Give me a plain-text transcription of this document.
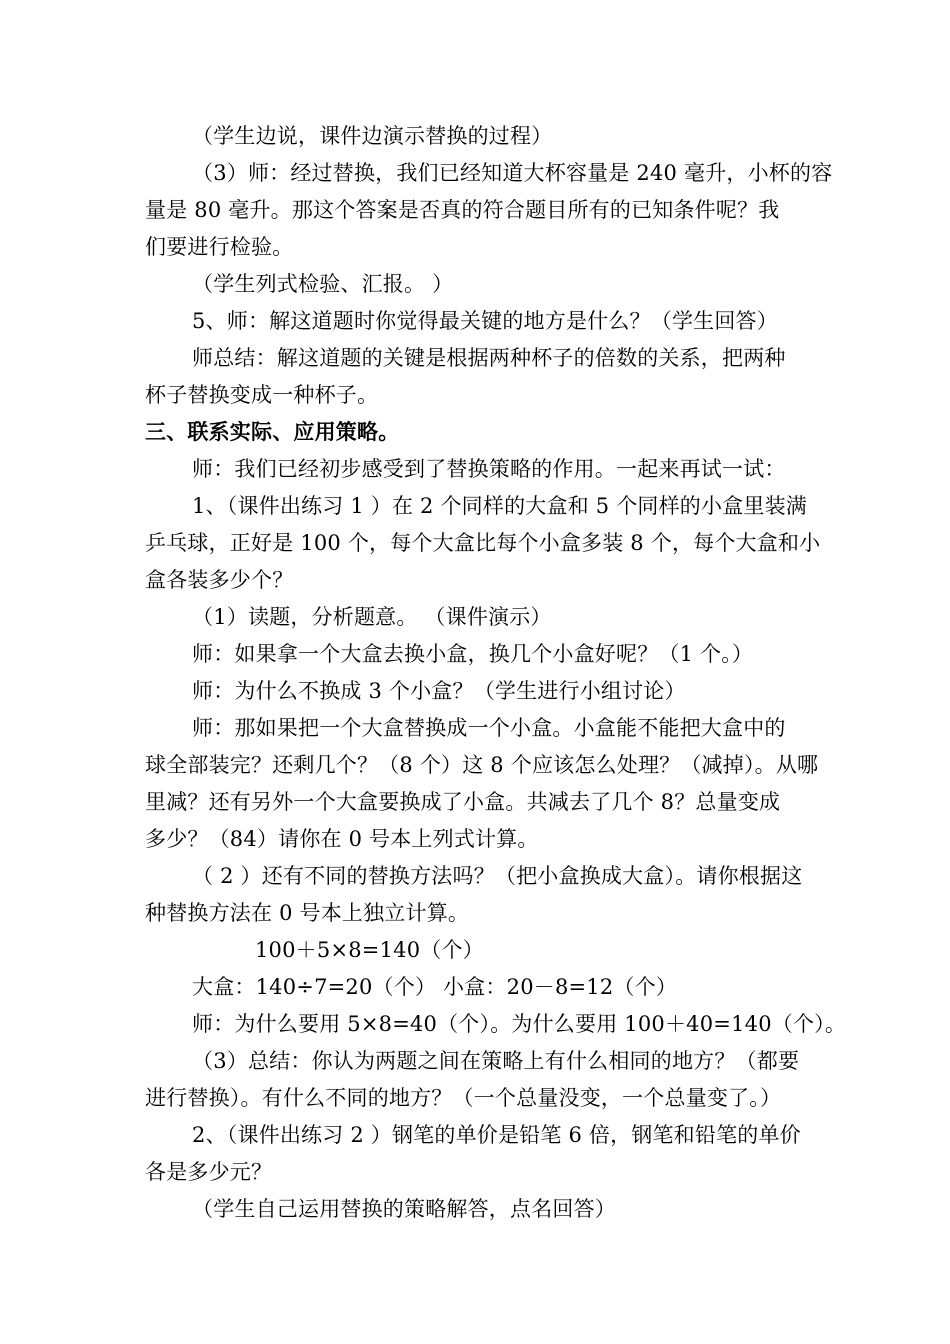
（学生边说，课件边演示替换的过程）
（3）师：经过替换，我们已经知道大杯容量是 240 毫升，小杯的容
量是 80 毫升。那这个答案是否真的符合题目所有的已知条件呢？我
们要进行检验。
（学生列式检验、汇报。 ）
5、师：解这道题时你觉得最关键的地方是什么？（学生回答）
师总结：解这道题的关键是根据两种杯子的倍数的关系，把两种
杯子替换变成一种杯子。
三、联系实际、应用策略。
师：我们已经初步感受到了替换策略的作用。一起来再试一试：
1、（课件出练习 1 ）在 2 个同样的大盒和 5 个同样的小盒里装满
乒乓球，正好是 100 个，每个大盒比每个小盒多装 8 个，每个大盒和小
盒各装多少个？
（1）读题，分析题意。 （课件演示）
师：如果拿一个大盒去换小盒，换几个小盒好呢？（1 个。）
师：为什么不换成 3 个小盒？（学生进行小组讨论）
师：那如果把一个大盒替换成一个小盒。小盒能不能把大盒中的
球全部装完？还剩几个？（8 个）这 8 个应该怎么处理？（减掉）。从哪
里减？还有另外一个大盒要换成了小盒。共减去了几个 8？总量变成
多少？（84）请你在 0 号本上列式计算。
（ 2 ）还有不同的替换方法吗？（把小盒换成大盒）。请你根据这
种替换方法在 0 号本上独立计算。
100＋5×8=140（个）
大盒：140÷7=20（个） 小盒：20－8=12（个）
师：为什么要用 5×8=40（个）。为什么要用 100＋40=140（个）。
（3）总结：你认为两题之间在策略上有什么相同的地方？（都要
进行替换）。有什么不同的地方？（一个总量没变，一个总量变了。）
2、（课件出练习 2 ）钢笔的单价是铅笔 6 倍，钢笔和铅笔的单价
各是多少元？
（学生自己运用替换的策略解答，点名回答）
